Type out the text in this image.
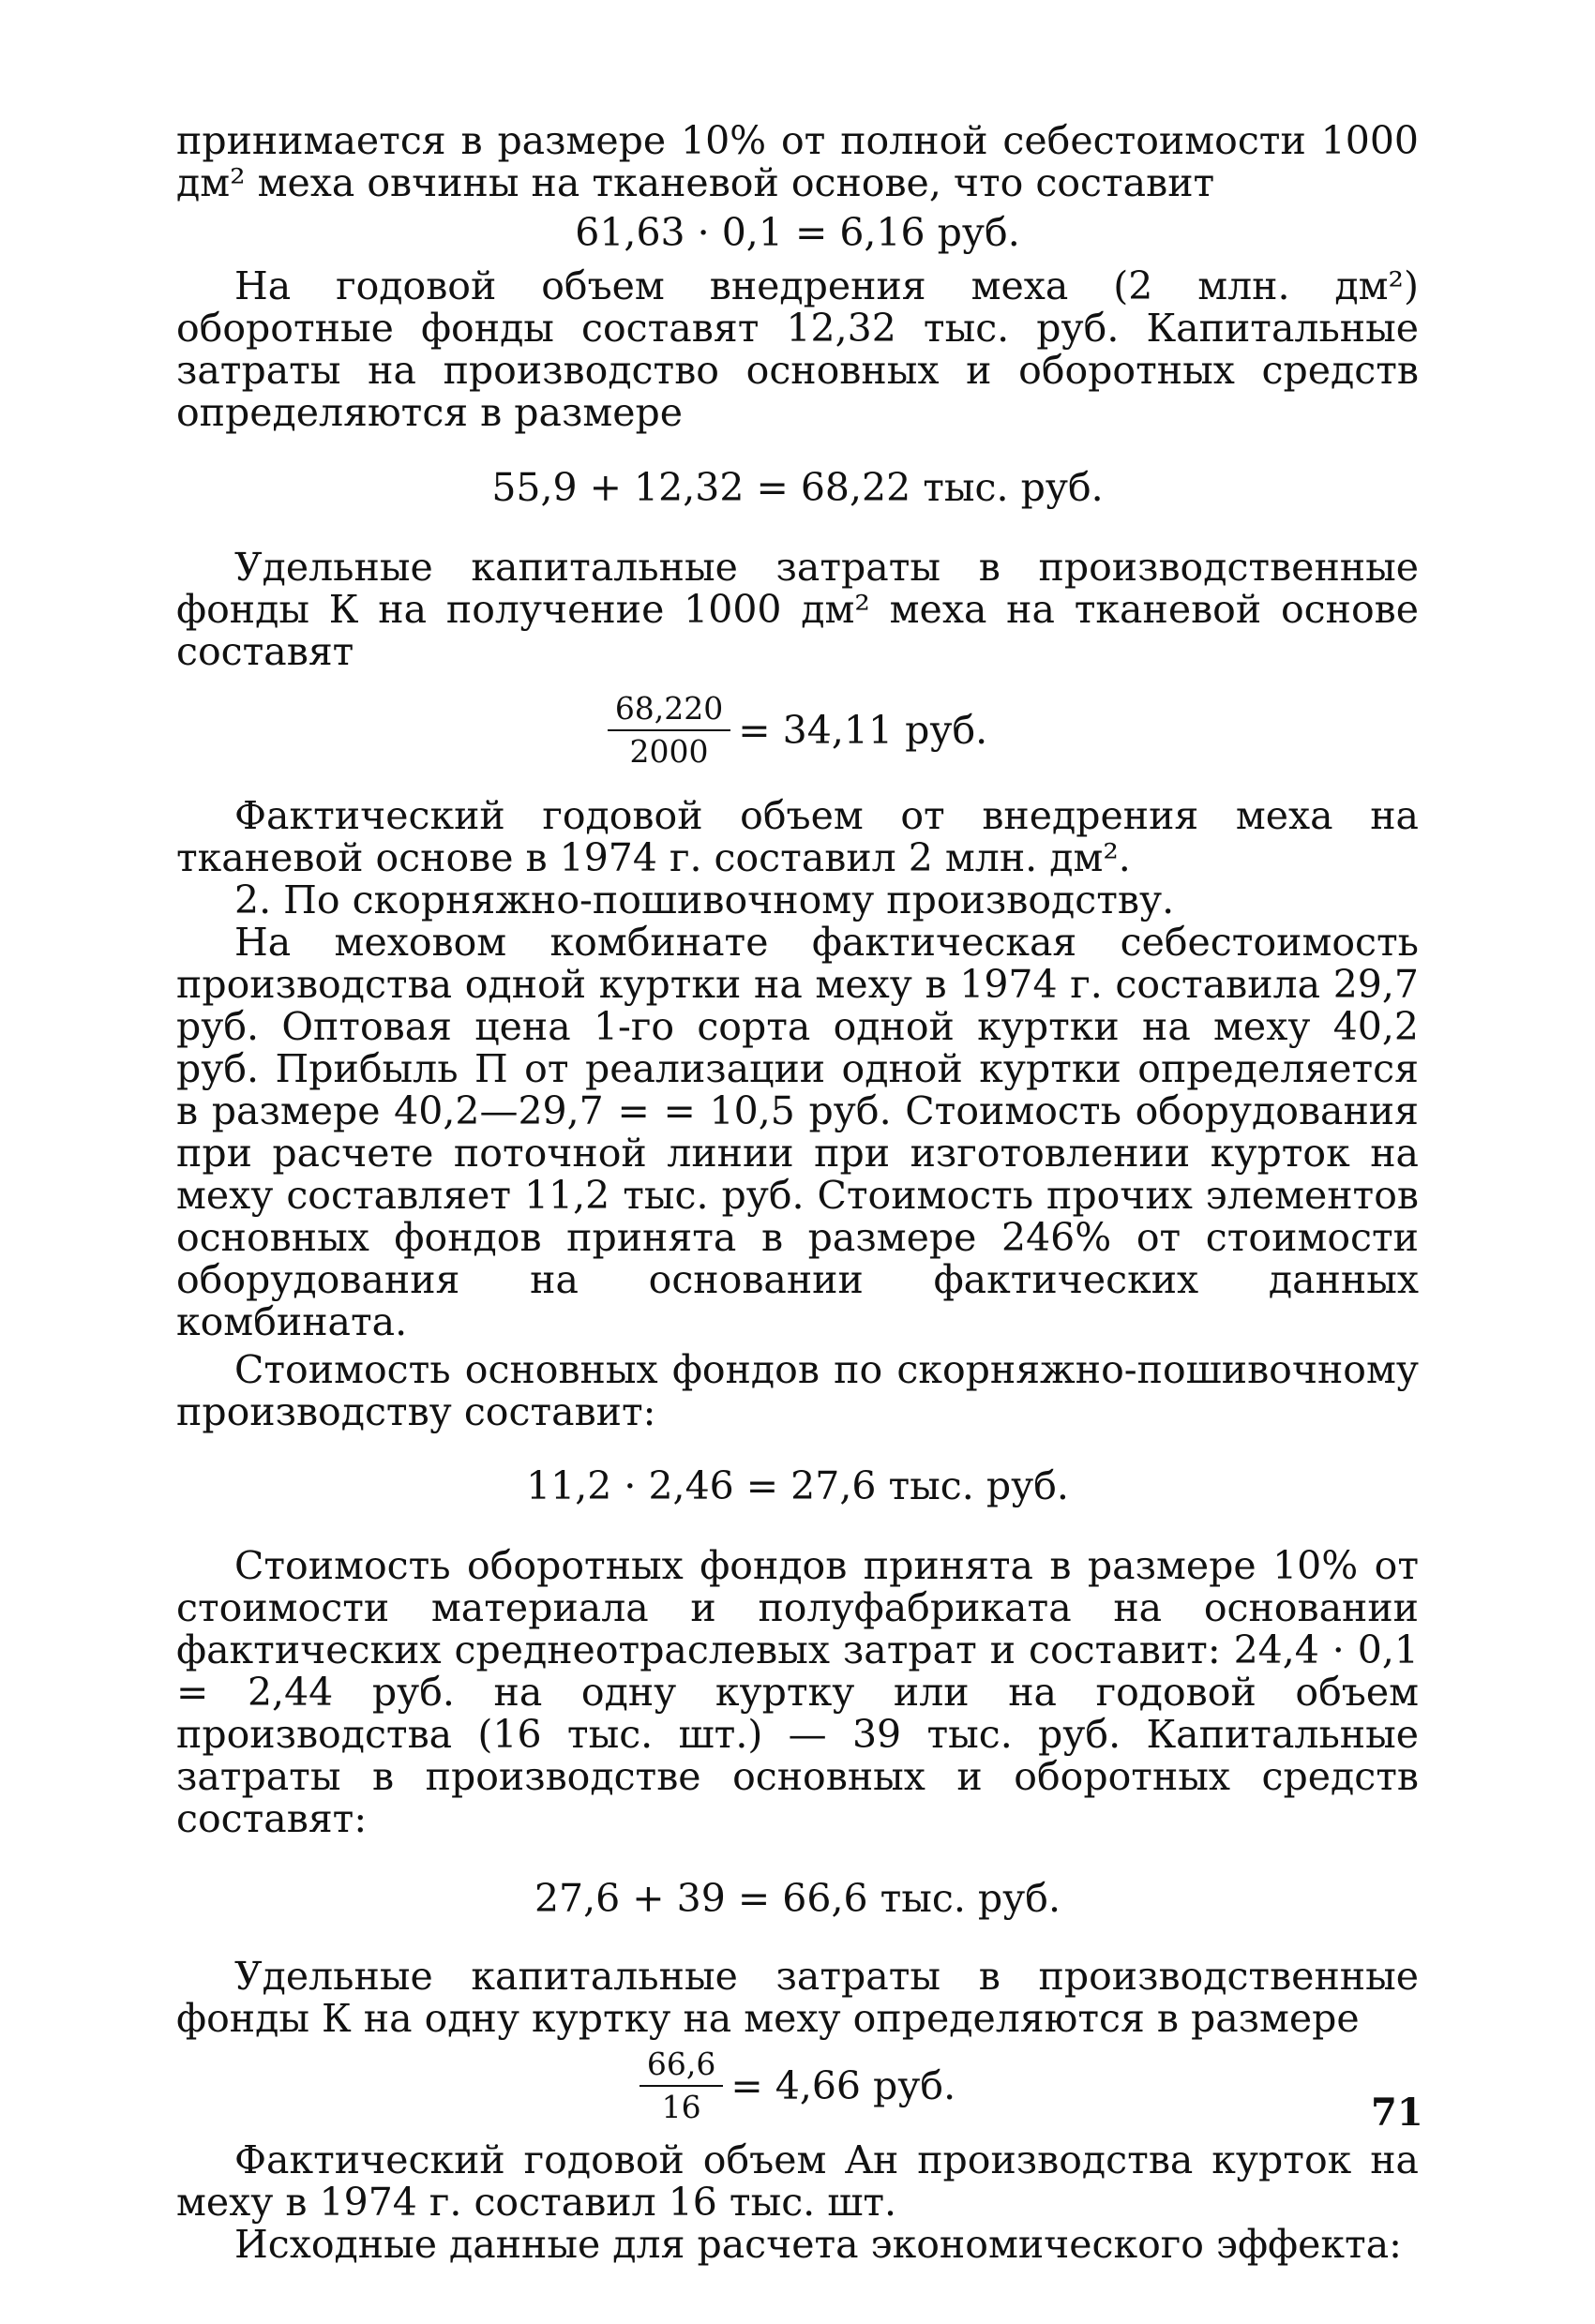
принимается в размере 10% от полной себестоимости 1000 дм² меха овчины на тканевой основе, что составит

61,63 · 0,1 = 6,16 руб.

На годовой объем внедрения меха (2 млн. дм²) оборотные фонды составят 12,32 тыс. руб. Капитальные затраты на производство основных и оборотных средств определяются в размере

55,9 + 12,32 = 68,22 тыс. руб.

Удельные капитальные затраты в производственные фонды К на получение 1000 дм² меха на тканевой основе составят

$\frac{68,220}{2000} = 34,11$ руб.

Фактический годовой объем от внедрения меха на тканевой основе в 1974 г. составил 2 млн. дм².

2. По скорняжно-пошивочному производству.

На меховом комбинате фактическая себестоимость производства одной куртки на меху в 1974 г. составила 29,7 руб. Оптовая цена 1-го сорта одной куртки на меху 40,2 руб. Прибыль П от реализации одной куртки определяется в размере 40,2—29,7 = = 10,5 руб. Стоимость оборудования при расчете поточной линии при изготовлении курток на меху составляет 11,2 тыс. руб. Стоимость прочих элементов основных фондов принята в размере 246% от стоимости оборудования на основании фактических данных комбината.

Стоимость основных фондов по скорняжно-пошивочному производству составит:

11,2 · 2,46 = 27,6 тыс. руб.

Стоимость оборотных фондов принята в размере 10% от стоимости материала и полуфабриката на основании фактических среднеотраслевых затрат и составит: 24,4 · 0,1 = 2,44 руб. на одну куртку или на годовой объем производства (16 тыс. шт.) — 39 тыс. руб. Капитальные затраты в производстве основных и оборотных средств составят:

27,6 + 39 = 66,6 тыс. руб.

Удельные капитальные затраты в производственные фонды К на одну куртку на меху определяются в размере

$\frac{66,6}{16} = 4,66$ руб.

Фактический годовой объем Aн производства курток на меху в 1974 г. составил 16 тыс. шт.

Исходные данные для расчета экономического эффекта:

71
